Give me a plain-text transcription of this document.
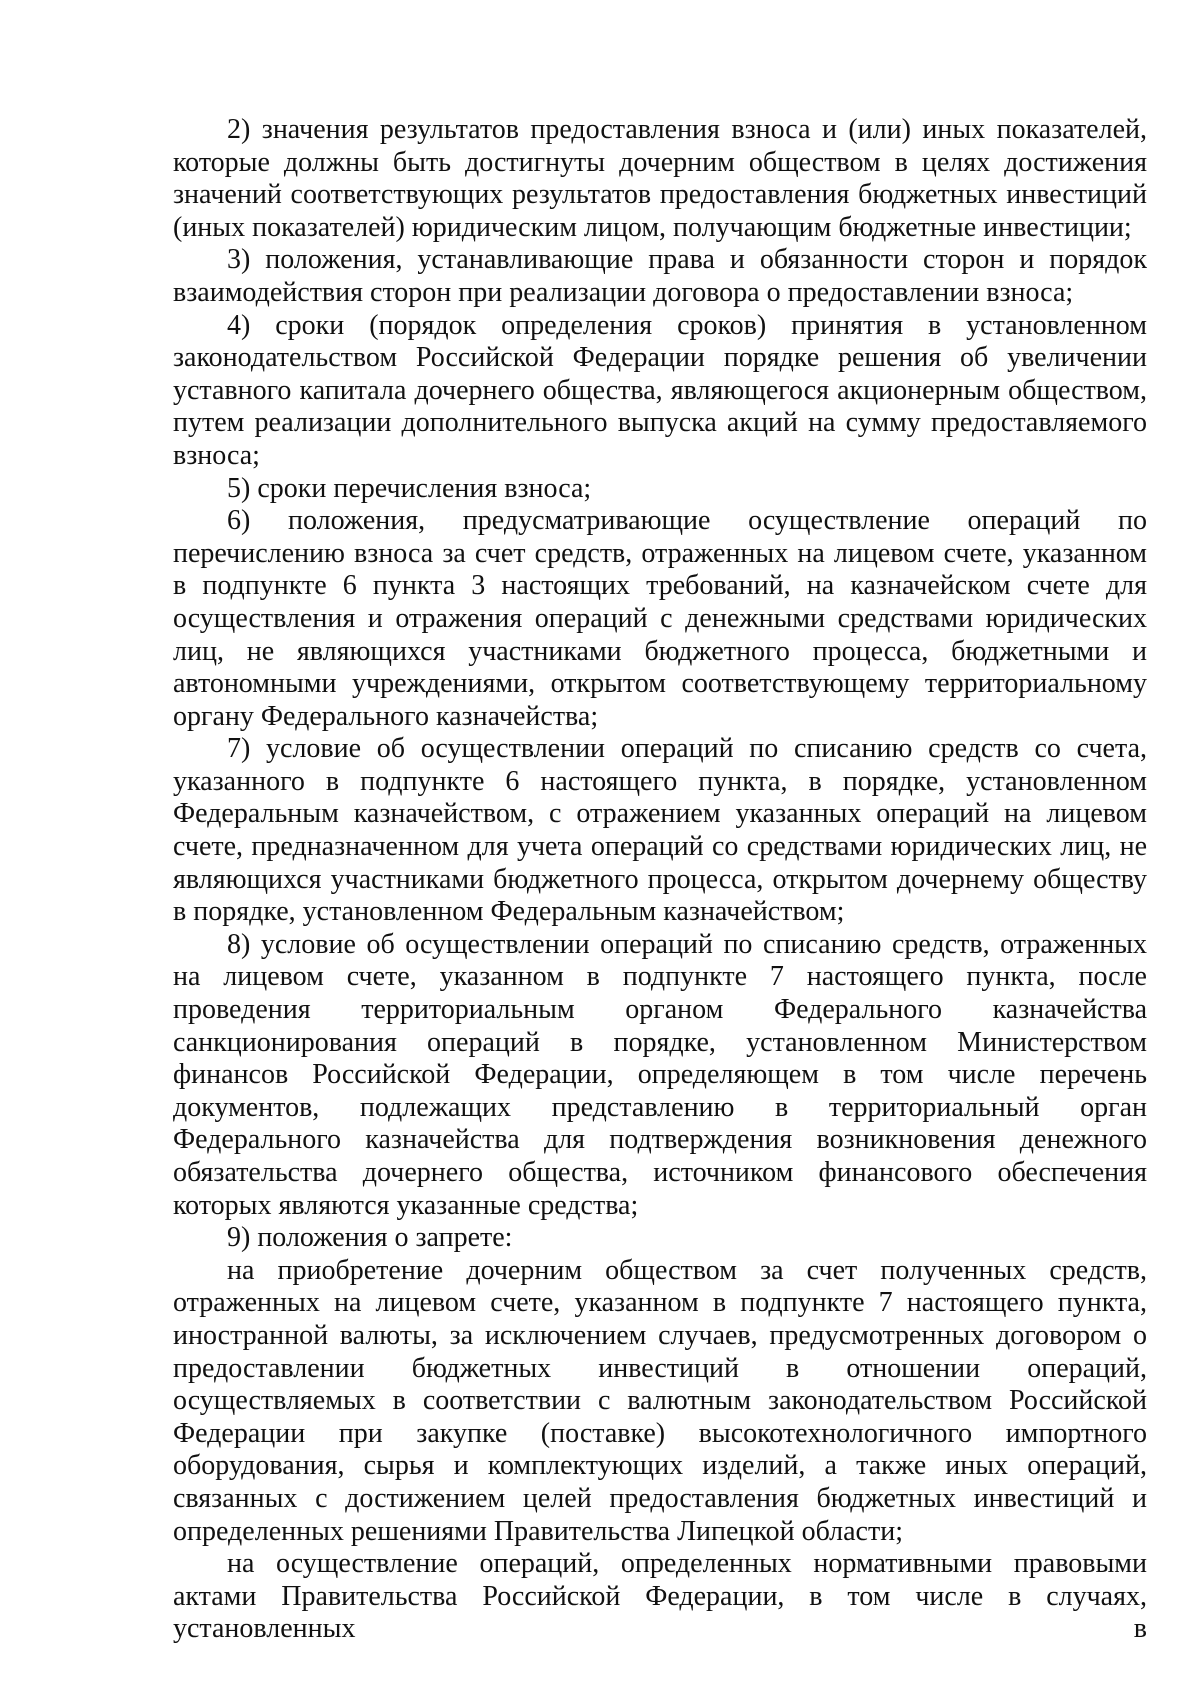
2) значения результатов предоставления взноса и (или) иных показателей, которые должны быть достигнуты дочерним обществом в целях достижения значений соответствующих результатов предоставления бюджетных инвестиций (иных показателей) юридическим лицом, получающим бюджетные инвестиции;

3) положения, устанавливающие права и обязанности сторон и порядок взаимодействия сторон при реализации договора о предоставлении взноса;

4) сроки (порядок определения сроков) принятия в установленном законодательством Российской Федерации порядке решения об увеличении уставного капитала дочернего общества, являющегося акционерным обществом, путем реализации дополнительного выпуска акций на сумму предоставляемого взноса;

5) сроки перечисления взноса;

6) положения, предусматривающие осуществление операций по перечислению взноса за счет средств, отраженных на лицевом счете, указанном в подпункте 6 пункта 3 настоящих требований, на казначейском счете для осуществления и отражения операций с денежными средствами юридических лиц, не являющихся участниками бюджетного процесса, бюджетными и автономными учреждениями, открытом соответствующему территориальному органу Федерального казначейства;

7) условие об осуществлении операций по списанию средств со счета, указанного в подпункте 6 настоящего пункта, в порядке, установленном Федеральным казначейством, с отражением указанных операций на лицевом счете, предназначенном для учета операций со средствами юридических лиц, не являющихся участниками бюджетного процесса, открытом дочернему обществу в порядке, установленном Федеральным казначейством;

8) условие об осуществлении операций по списанию средств, отраженных на лицевом счете, указанном в подпункте 7 настоящего пункта, после проведения территориальным органом Федерального казначейства санкционирования операций в порядке, установленном Министерством финансов Российской Федерации, определяющем в том числе перечень документов, подлежащих представлению в территориальный орган Федерального казначейства для подтверждения возникновения денежного обязательства дочернего общества, источником финансового обеспечения которых являются указанные средства;

9) положения о запрете:

на приобретение дочерним обществом за счет полученных средств, отраженных на лицевом счете, указанном в подпункте 7 настоящего пункта, иностранной валюты, за исключением случаев, предусмотренных договором о предоставлении бюджетных инвестиций в отношении операций, осуществляемых в соответствии с валютным законодательством Российской Федерации при закупке (поставке) высокотехнологичного импортного оборудования, сырья и комплектующих изделий, а также иных операций, связанных с достижением целей предоставления бюджетных инвестиций и определенных решениями Правительства Липецкой области;

на осуществление операций, определенных нормативными правовыми актами Правительства Российской Федерации, в том числе в случаях, установленных в
